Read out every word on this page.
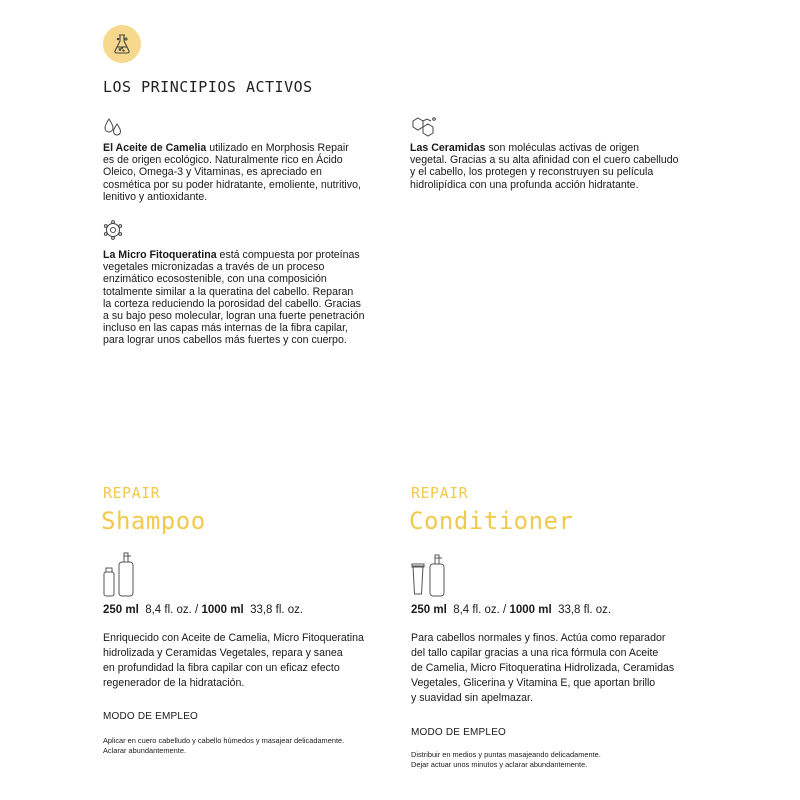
LOS PRINCIPIOS ACTIVOS

El Aceite de Camelia utilizado en Morphosis Repair
es de origen ecológico. Naturalmente rico en Ácido
Oleico, Omega-3 y Vitaminas, es apreciado en
cosmética por su poder hidratante, emoliente, nutritivo,
lenitivo y antioxidante.

La Micro Fitoqueratina está compuesta por proteínas
vegetales micronizadas a través de un proceso
enzimático ecosostenible, con una composición
totalmente similar a la queratina del cabello. Reparan
la corteza reduciendo la porosidad del cabello. Gracias
a su bajo peso molecular, logran una fuerte penetración
incluso en las capas más internas de la fibra capilar,
para lograr unos cabellos más fuertes y con cuerpo.

Las Ceramidas son moléculas activas de origen
vegetal. Gracias a su alta afinidad con el cuero cabelludo
y el cabello, los protegen y reconstruyen su película
hidrolipídica con una profunda acción hidratante.

REPAIR
Shampoo
250 ml 8,4 fl. oz. / 1000 ml 33,8 fl. oz.

Enriquecido con Aceite de Camelia, Micro Fitoqueratina
hidrolizada y Ceramidas Vegetales, repara y sanea
en profundidad la fibra capilar con un eficaz efecto
regenerador de la hidratación.

MODO DE EMPLEO

Aplicar en cuero cabelludo y cabello húmedos y masajear delicadamente.
Aclarar abundantemente.

REPAIR
Conditioner
250 ml 8,4 fl. oz. / 1000 ml 33,8 fl. oz.

Para cabellos normales y finos. Actúa como reparador
del tallo capilar gracias a una rica fórmula con Aceite
de Camelia, Micro Fitoqueratina Hidrolizada, Ceramidas
Vegetales, Glicerina y Vitamina E, que aportan brillo
y suavidad sin apelmazar.

MODO DE EMPLEO

Distribuir en medios y puntas masajeando delicadamente.
Dejar actuar unos minutos y aclarar abundantemente.
